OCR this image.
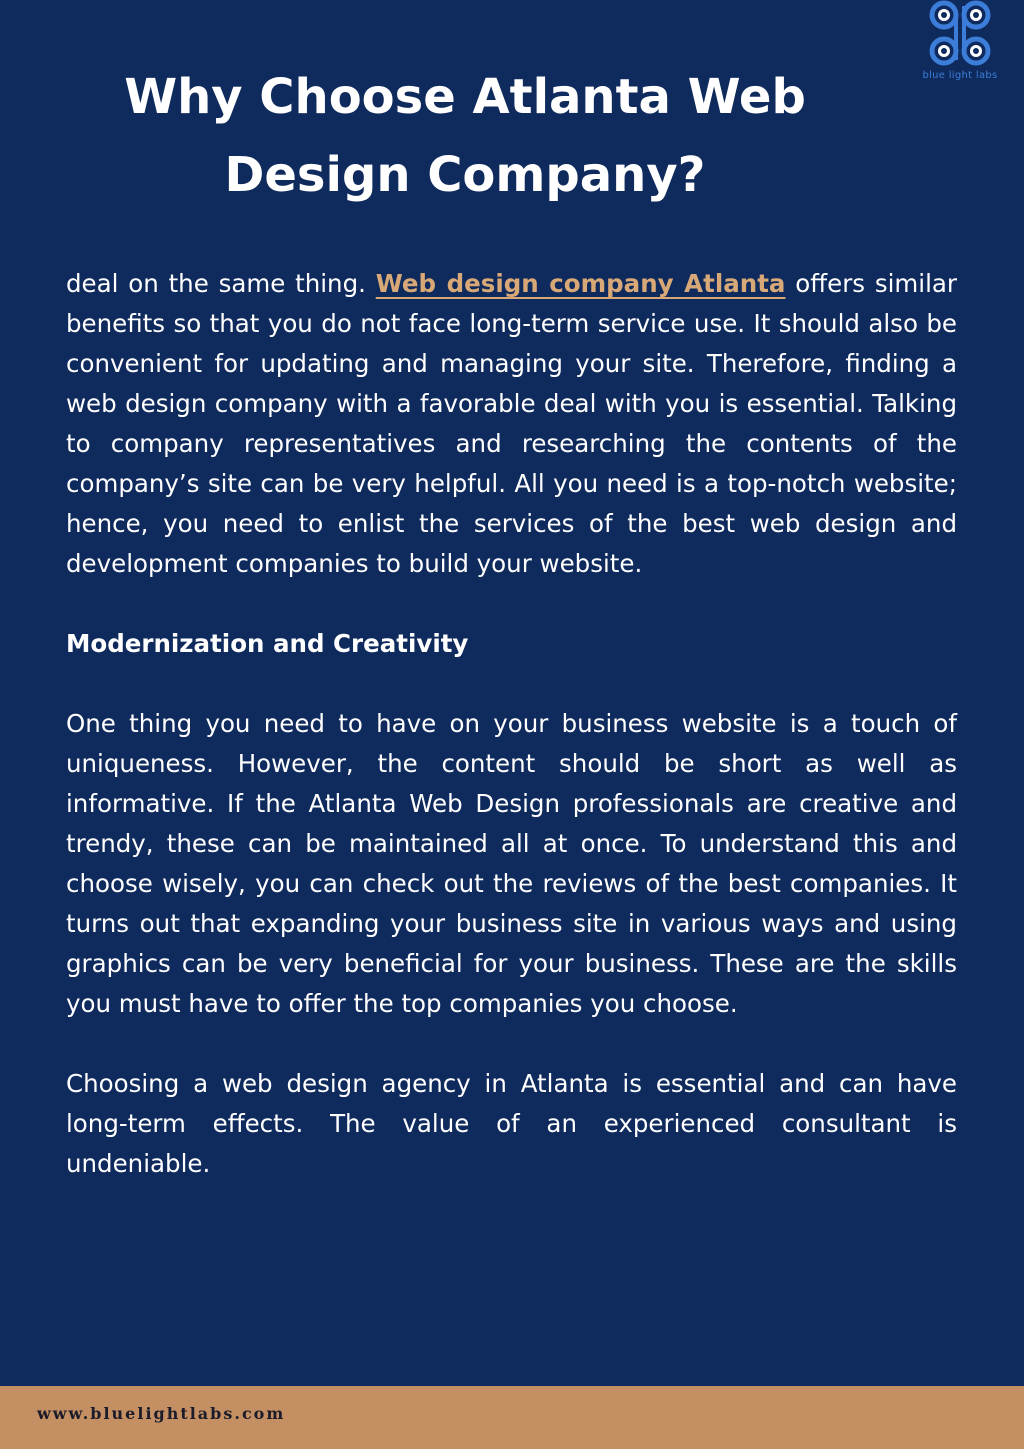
blue light labs
Why Choose Atlanta Web Design Company?

deal on the same thing. Web design company Atlanta offers similar benefits so that you do not face long-term service use. It should also be convenient for updating and managing your site. Therefore, finding a web design company with a favorable deal with you is essential. Talking to company representatives and researching the contents of the company’s site can be very helpful. All you need is a top-notch website; hence, you need to enlist the services of the best web design and development companies to build your website.

Modernization and Creativity

One thing you need to have on your business website is a touch of uniqueness. However, the content should be short as well as informative. If the Atlanta Web Design professionals are creative and trendy, these can be maintained all at once. To understand this and choose wisely, you can check out the reviews of the best companies. It turns out that expanding your business site in various ways and using graphics can be very beneficial for your business. These are the skills you must have to offer the top companies you choose.

Choosing a web design agency in Atlanta is essential and can have long-term effects. The value of an experienced consultant is undeniable.

www.bluelightlabs.com
